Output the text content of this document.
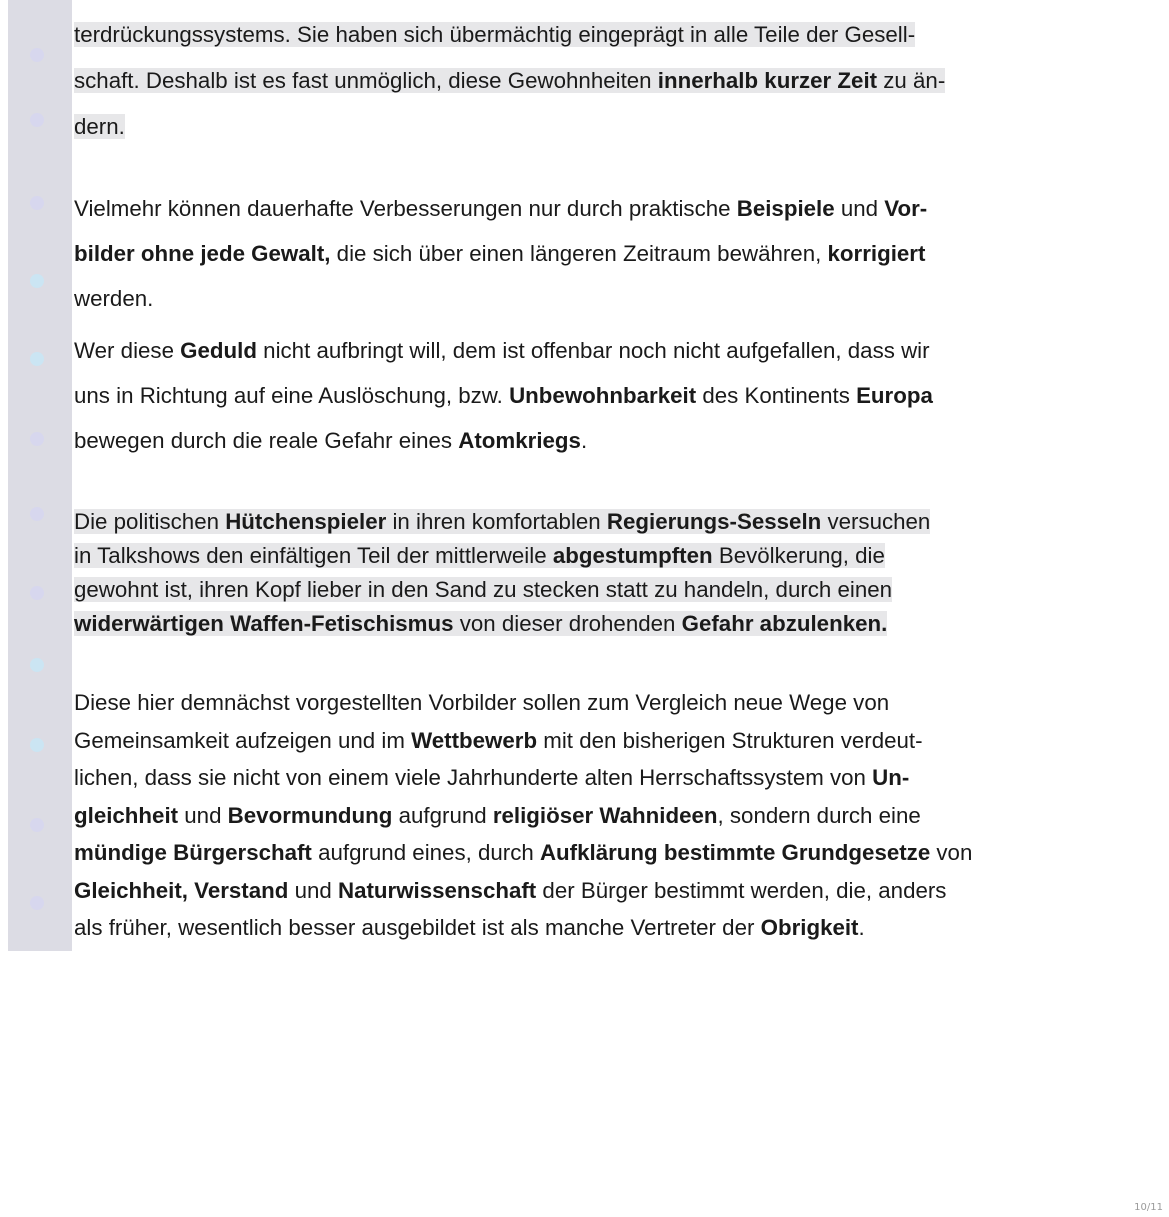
terdrückungssystems. Sie haben sich übermächtig eingeprägt in alle Teile der Gesell-
schaft. Deshalb ist es fast unmöglich, diese Gewohnheiten innerhalb kurzer Zeit zu än-
dern.
Vielmehr können dauerhafte Verbesserungen nur durch praktische Beispiele und Vor-
bilder ohne jede Gewalt, die sich über einen längeren Zeitraum bewähren, korrigiert
werden.
Wer diese Geduld nicht aufbringt will, dem ist offenbar noch nicht aufgefallen, dass wir
uns in Richtung auf eine Auslöschung, bzw. Unbewohnbarkeit des Kontinents Europa
bewegen durch die reale Gefahr eines Atomkriegs.
Die politischen Hütchenspieler in ihren komfortablen Regierungs-Sesseln versuchen
in Talkshows den einfältigen Teil der mittlerweile abgestumpften Bevölkerung, die
gewohnt ist, ihren Kopf lieber in den Sand zu stecken statt zu handeln, durch einen
widerwärtigen Waffen-Fetischismus von dieser drohenden Gefahr abzulenken.
Diese hier demnächst vorgestellten Vorbilder sollen zum Vergleich neue Wege von
Gemeinsamkeit aufzeigen und im Wettbewerb mit den bisherigen Strukturen verdeut-
lichen, dass sie nicht von einem viele Jahrhunderte alten Herrschaftssystem von Un-
gleichheit und Bevormundung aufgrund religiöser Wahnideen, sondern durch eine
mündige Bürgerschaft aufgrund eines, durch Aufklärung bestimmte Grundgesetze von
Gleichheit, Verstand und Naturwissenschaft der Bürger bestimmt werden, die, anders
als früher, wesentlich besser ausgebildet ist als manche Vertreter der Obrigkeit.
10/11
